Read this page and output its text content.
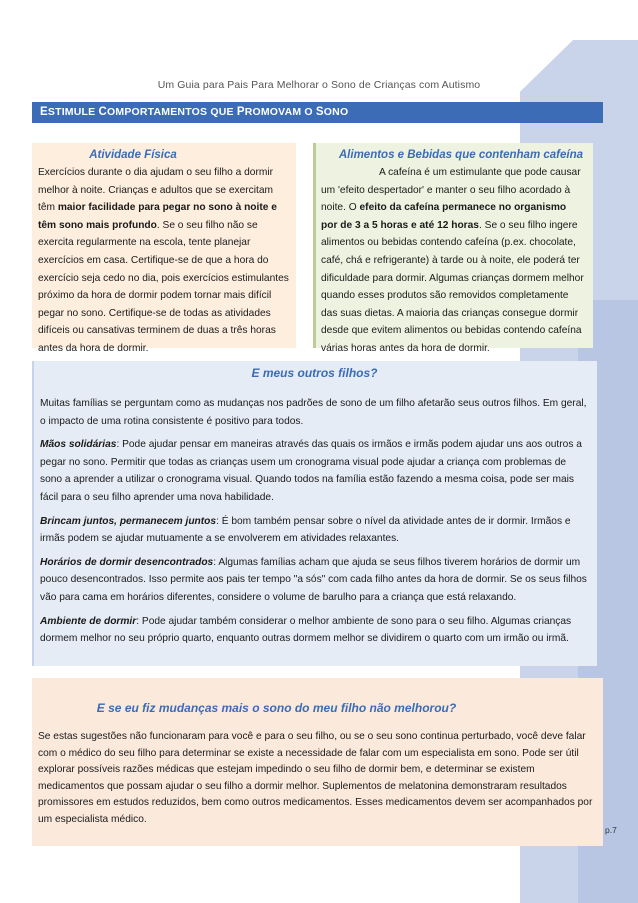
Um Guia para Pais Para Melhorar o Sono de Crianças com Autismo
ESTIMULE COMPORTAMENTOS QUE PROMOVAM O SONO
Atividade Física
Exercícios durante o dia ajudam o seu filho a dormir melhor à noite. Crianças e adultos que se exercitam têm maior facilidade para pegar no sono à noite e têm sono mais profundo. Se o seu filho não se exercita regularmente na escola, tente planejar exercícios em casa. Certifique-se de que a hora do exercício seja cedo no dia, pois exercícios estimulantes próximo da hora de dormir podem tornar mais difícil pegar no sono. Certifique-se de todas as atividades difíceis ou cansativas terminem de duas a três horas antes da hora de dormir.
Alimentos e Bebidas que contenham cafeína
A cafeína é um estimulante que pode causar um 'efeito despertador' e manter o seu filho acordado à noite. O efeito da cafeína permanece no organismo por de 3 a 5 horas e até 12 horas. Se o seu filho ingere alimentos ou bebidas contendo cafeína (p.ex. chocolate, café, chá e refrigerante) à tarde ou à noite, ele poderá ter dificuldade para dormir. Algumas crianças dormem melhor quando esses produtos são removidos completamente das suas dietas. A maioria das crianças consegue dormir desde que evitem alimentos ou bebidas contendo cafeína várias horas antes da hora de dormir.
E meus outros filhos?

Muitas famílias se perguntam como as mudanças nos padrões de sono de um filho afetarão seus outros filhos. Em geral, o impacto de uma rotina consistente é positivo para todos.

Mãos solidárias: Pode ajudar pensar em maneiras através das quais os irmãos e irmãs podem ajudar uns aos outros a pegar no sono. Permitir que todas as crianças usem um cronograma visual pode ajudar a criança com problemas de sono a aprender a utilizar o cronograma visual. Quando todos na família estão fazendo a mesma coisa, pode ser mais fácil para o seu filho aprender uma nova habilidade.

Brincam juntos, permanecem juntos: É bom também pensar sobre o nível da atividade antes de ir dormir. Irmãos e irmãs podem se ajudar mutuamente a se envolverem em atividades relaxantes.

Horários de dormir desencontrados: Algumas famílias acham que ajuda se seus filhos tiverem horários de dormir um pouco desencontrados. Isso permite aos pais ter tempo "a sós" com cada filho antes da hora de dormir. Se os seus filhos vão para cama em horários diferentes, considere o volume de barulho para a criança que está relaxando.

Ambiente de dormir: Pode ajudar também considerar o melhor ambiente de sono para o seu filho. Algumas crianças dormem melhor no seu próprio quarto, enquanto outras dormem melhor se dividirem o quarto com um irmão ou irmã.

E se eu fiz mudanças mais o sono do meu filho não melhorou?

Se estas sugestões não funcionaram para você e para o seu filho, ou se o seu sono continua perturbado, você deve falar com o médico do seu filho para determinar se existe a necessidade de falar com um especialista em sono. Pode ser útil explorar possíveis razões médicas que estejam impedindo o seu filho de dormir bem, e determinar se existem medicamentos que possam ajudar o seu filho a dormir melhor. Suplementos de melatonina demonstraram resultados promissores em estudos reduzidos, bem como outros medicamentos. Esses medicamentos devem ser acompanhados por um especialista médico.

p.7
